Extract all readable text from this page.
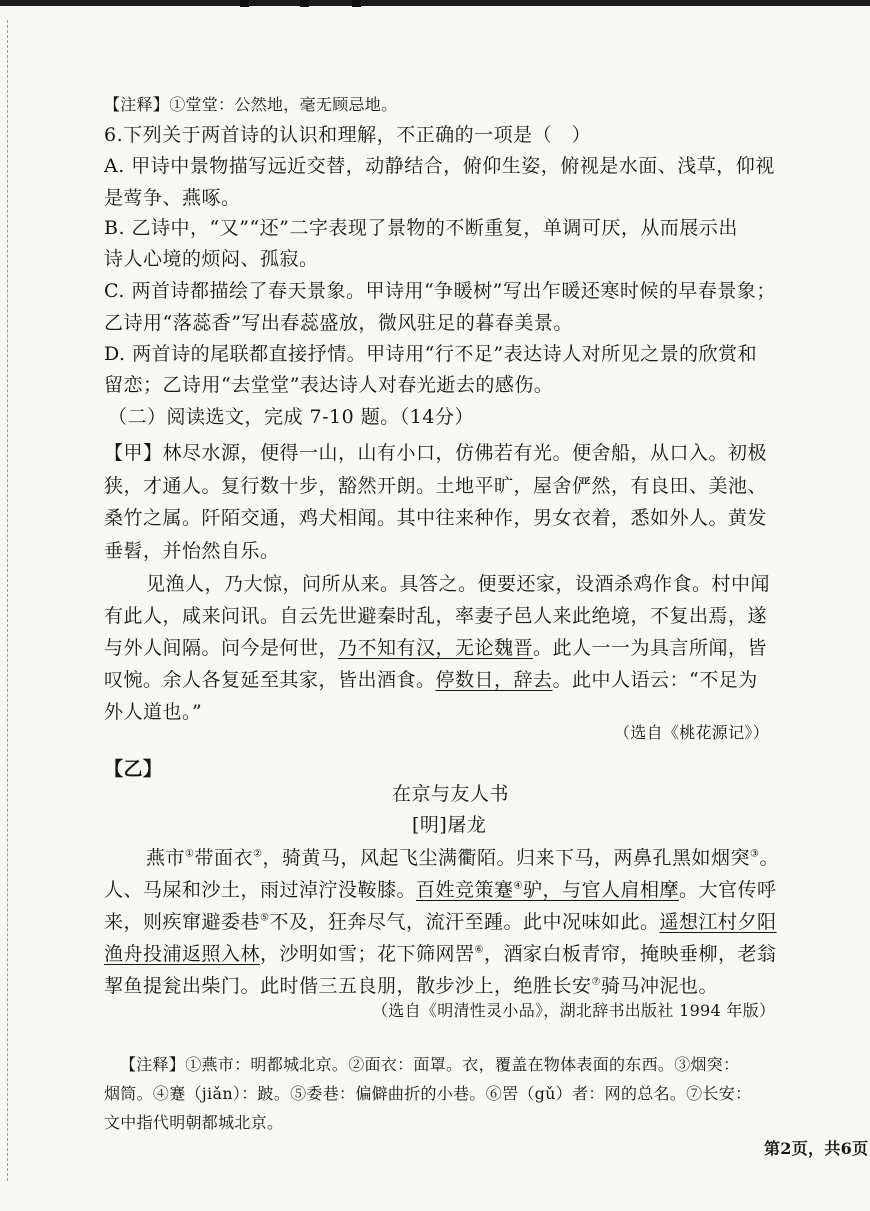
【注释】①堂堂：公然地，毫无顾忌地。
6.下列关于两首诗的认识和理解，不正确的一项是（　）
A. 甲诗中景物描写远近交替，动静结合，俯仰生姿，俯视是水面、浅草，仰视
是莺争、燕啄。
B. 乙诗中，“又”“还”二字表现了景物的不断重复，单调可厌，从而展示出
诗人心境的烦闷、孤寂。
C. 两首诗都描绘了春天景象。甲诗用“争暖树”写出乍暖还寒时候的早春景象；
乙诗用“落蕊香”写出春蕊盛放，微风驻足的暮春美景。
D. 两首诗的尾联都直接抒情。甲诗用“行不足”表达诗人对所见之景的欣赏和
留恋；乙诗用“去堂堂”表达诗人对春光逝去的感伤。
（二）阅读选文，完成 7-10 题。（14分）
【甲】林尽水源，便得一山，山有小口，仿佛若有光。便舍船，从口入。初极
狭，才通人。复行数十步，豁然开朗。土地平旷，屋舍俨然，有良田、美池、
桑竹之属。阡陌交通，鸡犬相闻。其中往来种作，男女衣着，悉如外人。黄发
垂髫，并怡然自乐。
见渔人，乃大惊，问所从来。具答之。便要还家，设酒杀鸡作食。村中闻
有此人，咸来问讯。自云先世避秦时乱，率妻子邑人来此绝境，不复出焉，遂
与外人间隔。问今是何世，乃不知有汉，无论魏晋。此人一一为具言所闻，皆
叹惋。余人各复延至其家，皆出酒食。停数日，辞去。此中人语云：“不足为
外人道也。”
（选自《桃花源记》）
【乙】
在京与友人书
[明]屠龙
燕市①带面衣②，骑黄马，风起飞尘满衢陌。归来下马，两鼻孔黑如烟突③。
人、马屎和沙土，雨过淖泞没鞍膝。百姓竞策蹇④驴，与官人肩相摩。大官传呼
来，则疾窜避委巷⑤不及，狂奔尽气，流汗至踵。此中况味如此。遥想江村夕阳
渔舟投浦返照入林，沙明如雪；花下筛网罟⑥，酒家白板青帘，掩映垂柳，老翁
挈鱼提瓮出柴门。此时偕三五良朋，散步沙上，绝胜长安⑦骑马冲泥也。
（选自《明清性灵小品》，湖北辞书出版社 1994 年版）
【注释】①燕市：明都城北京。②面衣：面罩。衣，覆盖在物体表面的东西。③烟突：
烟筒。④蹇（jiǎn）：跛。⑤委巷：偏僻曲折的小巷。⑥罟（gǔ）者：网的总名。⑦长安：
文中指代明朝都城北京。
第2页，共6页
